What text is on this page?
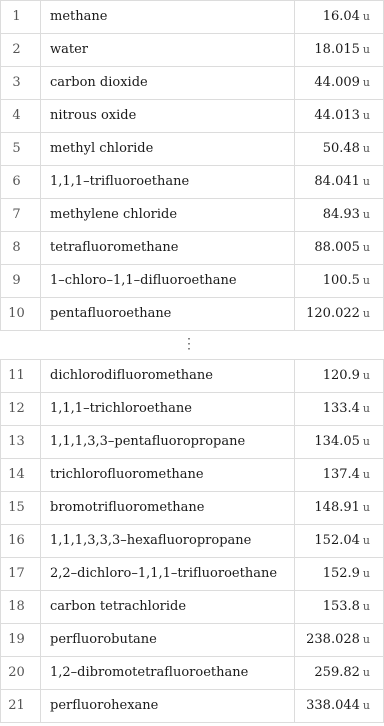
1	methane	16.04 u
2	water	18.015 u
3	carbon dioxide	44.009 u
4	nitrous oxide	44.013 u
5	methyl chloride	50.48 u
6	1,1,1–trifluoroethane	84.041 u
7	methylene chloride	84.93 u
8	tetrafluoromethane	88.005 u
9	1–chloro–1,1–difluoroethane	100.5 u
10	pentafluoroethane	120.022 u
⋮
11	dichlorodifluoromethane	120.9 u
12	1,1,1–trichloroethane	133.4 u
13	1,1,1,3,3–pentafluoropropane	134.05 u
14	trichlorofluoromethane	137.4 u
15	bromotrifluoromethane	148.91 u
16	1,1,1,3,3,3–hexafluoropropane	152.04 u
17	2,2–dichloro–1,1,1–trifluoroethane	152.9 u
18	carbon tetrachloride	153.8 u
19	perfluorobutane	238.028 u
20	1,2–dibromotetrafluoroethane	259.82 u
21	perfluorohexane	338.044 u
